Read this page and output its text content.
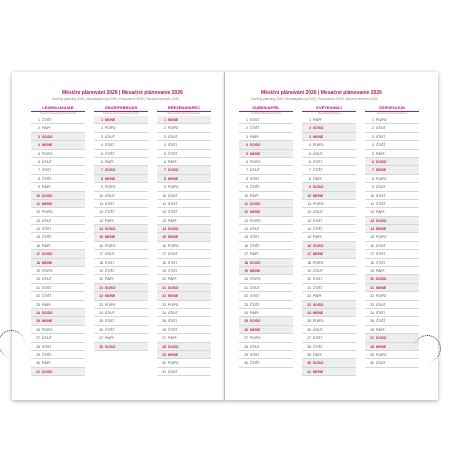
Měsíční plánování 2026 | Mesačné plánovanie 2026
Monthly planning 2026 | Monatsplanung 2026 | Planowanie 2026 | Havonta tervezés 2026
LEDEN/JANUÁR
January/Januar/Styczeń/Január
1 ČT/ŠT
2 PÁ/PI
3 SO/SO
4 NE/NE
5 PO/PO
6 ÚT/UT
7 ST/ST
8 ČT/ŠT
9 PÁ/PI
10 SO/SO
11 NE/NE
12 PO/PO
13 ÚT/UT
14 ST/ST
15 ČT/ŠT
16 PÁ/PI
17 SO/SO
18 NE/NE
19 PO/PO
20 ÚT/UT
21 ST/ST
22 ČT/ŠT
23 PÁ/PI
24 SO/SO
25 NE/NE
26 PO/PO
27 ÚT/UT
28 ST/ST
29 ČT/ŠT
30 PÁ/PI
31 SO/SO
ÚNOR/FEBRUÁR
February/Februar/Luty/Február
1 NE/NE
2 PO/PO
3 ÚT/UT
4 ST/ST
5 ČT/ŠT
6 PÁ/PI
7 SO/SO
8 NE/NE
9 PO/PO
10 ÚT/UT
11 ST/ST
12 ČT/ŠT
13 PÁ/PI
14 SO/SO
15 NE/NE
16 PO/PO
17 ÚT/UT
18 ST/ST
19 ČT/ŠT
20 PÁ/PI
21 SO/SO
22 NE/NE
23 PO/PO
24 ÚT/UT
25 ST/ST
26 ČT/ŠT
27 PÁ/PI
28 SO/SO
BŘEZEN/MAREC
March/März/Marzec/Március
1 NE/NE
2 PO/PO
3 ÚT/UT
4 ST/ST
5 ČT/ŠT
6 PÁ/PI
7 SO/SO
8 NE/NE
9 PO/PO
10 ÚT/UT
11 ST/ST
12 ČT/ŠT
13 PÁ/PI
14 SO/SO
15 NE/NE
16 PO/PO
17 ÚT/UT
18 ST/ST
19 ČT/ŠT
20 PÁ/PI
21 SO/SO
22 NE/NE
23 PO/PO
24 ÚT/UT
25 ST/ST
26 ČT/ŠT
27 PÁ/PI
28 SO/SO
29 NE/NE
30 PO/PO
31 ÚT/UT
Měsíční plánování 2026 | Mesačné plánovanie 2026
Monthly planning 2026 | Monatsplanung 2026 | Planowanie 2026 | Havonta tervezés 2026
DUBEN/APRÍL
April/April/Kwiecień/Április
1 ST/ST
2 ČT/ŠT
3 PÁ/PI
4 SO/SO
5 NE/NE
6 PO/PO
7 ÚT/UT
8 ST/ST
9 ČT/ŠT
10 PÁ/PI
11 SO/SO
12 NE/NE
13 PO/PO
14 ÚT/UT
15 ST/ST
16 ČT/ŠT
17 PÁ/PI
18 SO/SO
19 NE/NE
20 PO/PO
21 ÚT/UT
22 ST/ST
23 ČT/ŠT
24 PÁ/PI
25 SO/SO
26 NE/NE
27 PO/PO
28 ÚT/UT
29 ST/ST
30 ČT/ŠT
KVĚTEN/MÁJ
May/Mai/Maj/Május
1 PÁ/PI
2 SO/SO
3 NE/NE
4 PO/PO
5 ÚT/UT
6 ST/ST
7 ČT/ŠT
8 PÁ/PI
9 SO/SO
10 NE/NE
11 PO/PO
12 ÚT/UT
13 ST/ST
14 ČT/ŠT
15 PÁ/PI
16 SO/SO
17 NE/NE
18 PO/PO
19 ÚT/UT
20 ST/ST
21 ČT/ŠT
22 PÁ/PI
23 SO/SO
24 NE/NE
25 PO/PO
26 ÚT/UT
27 ST/ST
28 ČT/ŠT
29 PÁ/PI
30 SO/SO
31 NE/NE
ČERVEN/JÚN
June/Juni/Czerwiec/Június
1 PO/PO
2 ÚT/UT
3 ST/ST
4 ČT/ŠT
5 PÁ/PI
6 SO/SO
7 NE/NE
8 PO/PO
9 ÚT/UT
10 ST/ST
11 ČT/ŠT
12 PÁ/PI
13 SO/SO
14 NE/NE
15 PO/PO
16 ÚT/UT
17 ST/ST
18 ČT/ŠT
19 PÁ/PI
20 SO/SO
21 NE/NE
22 PO/PO
23 ÚT/UT
24 ST/ST
25 ČT/ŠT
26 PÁ/PI
27 SO/SO
28 NE/NE
29 PO/PO
30 ÚT/UT
